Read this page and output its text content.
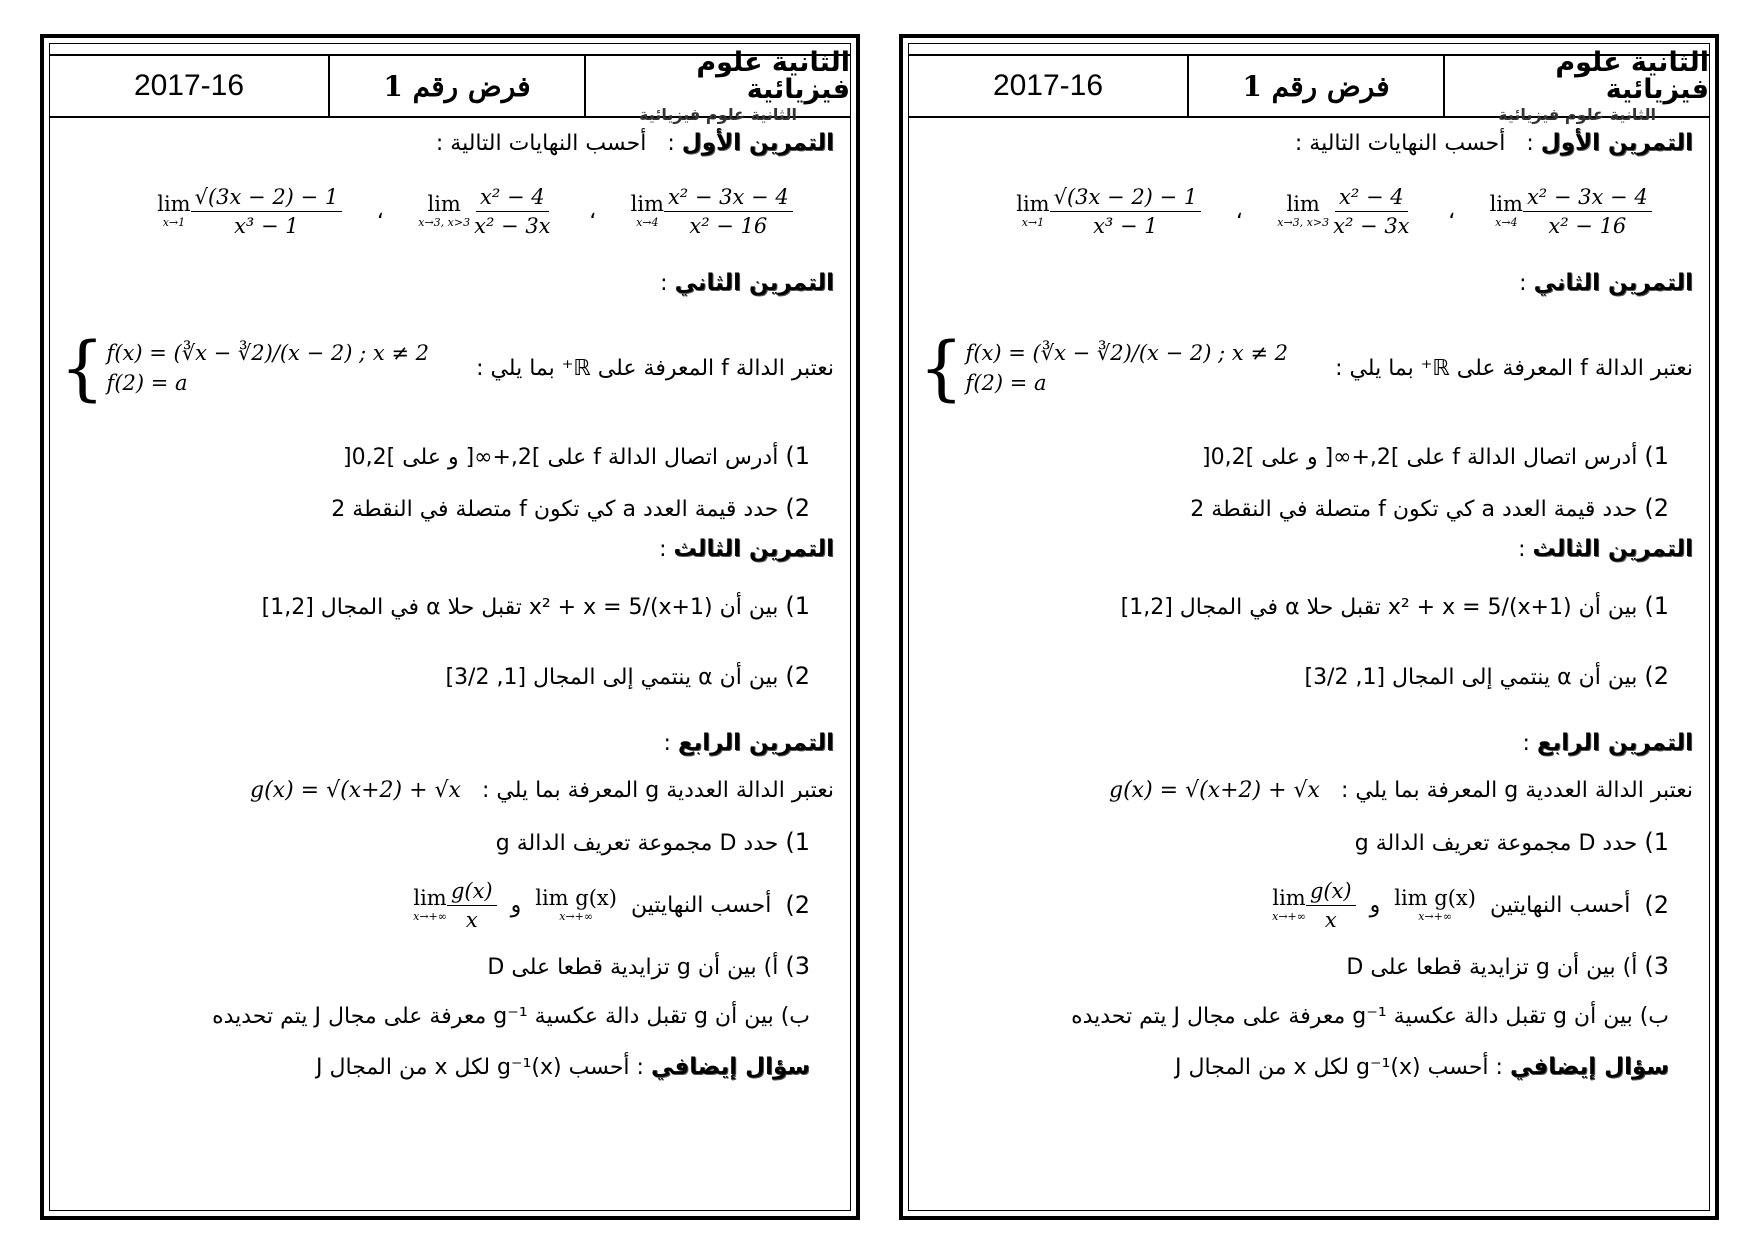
2017-16	فرض رقم 1
الثانية علوم فيزيائية
الثانية علوم فيزيائية
التمرين الأول :   أحسب النهايات التالية :
lim
$x\to 1 \frac{√(3x - 2) - 1}{\text{x³ − 1}}$ ،	lim
x→3, $x>3 \frac{\text{x² − 4}}{\text{x² − 3x}}$ ، lim
$x\to 4 \frac{\text{x² − 3x − 4}}{\text{x² − 16}}$
التمرين الثاني :
نعتبر الدالة f المعرفة على ℝ⁺ بما يلي :
{ f(x) = (∛x − ∛2)/(x − 2) ; x ≠ 2
f(2) = a
1) أدرس اتصال الدالة f على ]2,+∞[ و على ]0,2[
2) حدد قيمة العدد a كي تكون f متصلة في النقطة 2
التمرين الثالث :
1) بين أن x² + x = 5/(x+1) تقبل حلا α في المجال [1,2]
2) بين أن α ينتمي إلى المجال [1, 3/2]
التمرين الرابع :
نعتبر الدالة العددية g المعرفة بما يلي :   g(x) = √(x+2) + √x
1) حدد D مجموعة تعريف الدالة g
2)
أحسب النهايتين
lim g(x)
x→+∞
و
lim
$x\to+\infty \frac{g(x)}{x}$
3) أ) بين أن g تزايدية قطعا على D
ب) بين أن g تقبل دالة عكسية g⁻¹ معرفة على مجال J يتم تحديده
سؤال إيضافي : أحسب g⁻¹(x) لكل x من المجال J
2017-16	فرض رقم 1
الثانية علوم فيزيائية
الثانية علوم فيزيائية
التمرين الأول :   أحسب النهايات التالية :
lim
$x\to 1 \frac{√(3x - 2) - 1}{\text{x³ − 1}}$ ،	lim
x→3, $x>3 \frac{\text{x² − 4}}{\text{x² − 3x}}$ ، lim
$x\to 4 \frac{\text{x² − 3x − 4}}{\text{x² − 16}}$
التمرين الثاني :
نعتبر الدالة f المعرفة على ℝ⁺ بما يلي :
{ f(x) = (∛x − ∛2)/(x − 2) ; x ≠ 2
f(2) = a
1) أدرس اتصال الدالة f على ]2,+∞[ و على ]0,2[
2) حدد قيمة العدد a كي تكون f متصلة في النقطة 2
التمرين الثالث :
1) بين أن x² + x = 5/(x+1) تقبل حلا α في المجال [1,2]
2) بين أن α ينتمي إلى المجال [1, 3/2]
التمرين الرابع :
نعتبر الدالة العددية g المعرفة بما يلي :   g(x) = √(x+2) + √x
1) حدد D مجموعة تعريف الدالة g
2)
أحسب النهايتين
lim g(x)
x→+∞
و
lim
$x\to+\infty \frac{g(x)}{x}$
3) أ) بين أن g تزايدية قطعا على D
ب) بين أن g تقبل دالة عكسية g⁻¹ معرفة على مجال J يتم تحديده
سؤال إيضافي : أحسب g⁻¹(x) لكل x من المجال J
